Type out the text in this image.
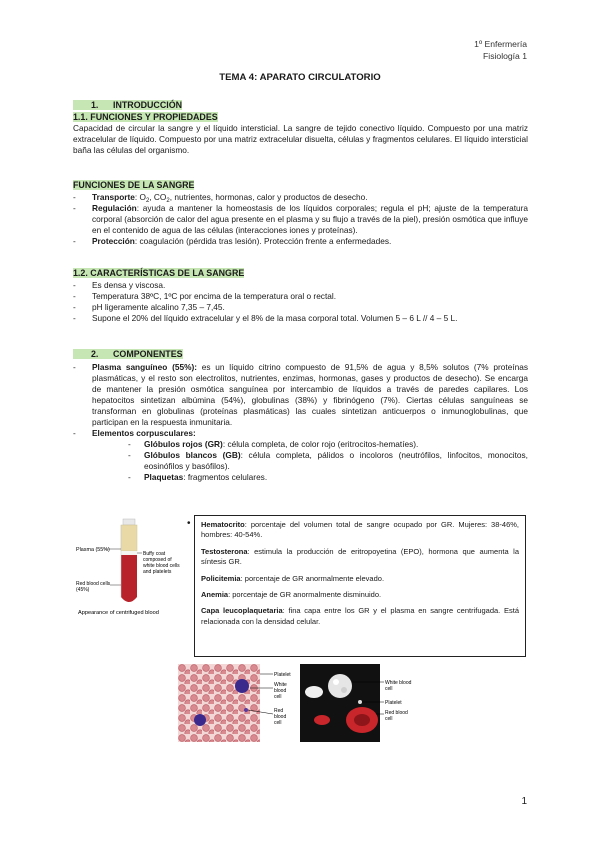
1º Enfermería
Fisiología 1
TEMA 4: APARATO CIRCULATORIO
1. INTRODUCCIÓN
1.1. FUNCIONES Y PROPIEDADES
Capacidad de circular la sangre y el líquido intersticial. La sangre de tejido conectivo líquido. Compuesto por una matriz extracelular de líquido. Compuesto por una matriz extracelular disuelta, células y fragmentos celulares. El líquido intersticial baña las células del organismo.
FUNCIONES DE LA SANGRE
- Transporte: $O_2$, $CO_2$, nutrientes, hormonas, calor y productos de desecho.
- Regulación: ayuda a mantener la homeostasis de los líquidos corporales; regula el pH; ajuste de la temperatura corporal (absorción de calor del agua presente en el plasma y su flujo a través de la piel), presión osmótica que influye en el contenido de agua de las células (interacciones iones y proteínas).
- Protección: coagulación (pérdida tras lesión). Protección frente a enfermedades.
1.2. CARACTERÍSTICAS DE LA SANGRE
- Es densa y viscosa.
- Temperatura 38ºC, 1ºC por encima de la temperatura oral o rectal.
- pH ligeramente alcalino 7,35 – 7,45.
- Supone el 20% del líquido extracelular y el 8% de la masa corporal total. Volumen 5 – 6 L // 4 – 5 L.
2. COMPONENTES
- Plasma sanguíneo (55%): es un líquido citrino compuesto de 91,5% de agua y 8,5% solutos (7% proteínas plasmáticas, y el resto son electrolitos, nutrientes, enzimas, hormonas, gases y productos de desecho). Se encarga de mantener la presión osmótica sanguínea por intercambio de líquidos a través de paredes capilares. Los hepatocitos sintetizan albúmina (54%), globulinas (38%) y fibrinógeno (7%). Ciertas células sanguíneas se transforman en globulinas (proteínas plasmáticas) las cuales sintetizan anticuerpos o inmunoglobulinas, que participan en la respuesta inmunitaria.
- Elementos corpusculares:
- Glóbulos rojos (GR): célula completa, de color rojo (eritrocitos-hematíes).
- Glóbulos blancos (GB): célula completa, pálidos o incoloros (neutrófilos, linfocitos, monocitos, eosinófilos y basófilos).
- Plaquetas: fragmentos celulares.
Plasma (55%)
Buffy coat
composed of
white blood cells
and platelets
Red blood cells
(45%)
Appearance of centrifuged blood
• Hematocrito: porcentaje del volumen total de sangre ocupado por GR. Mujeres: 38-46%, hombres: 40-54%.

Testosterona: estimula la producción de eritropoyetina (EPO), hormona que aumenta la síntesis GR.

Policitemia: porcentaje de GR anormalmente elevado.

Anemia: porcentaje de GR anormalmente disminuido.

Capa leucoplaquetaria: fina capa entre los GR y el plasma en sangre centrifugada. Está relacionada con la densidad celular.

Platelet
White
blood
cell
Red
blood
cell
White blood
cell
Platelet
Red blood
cell
1
